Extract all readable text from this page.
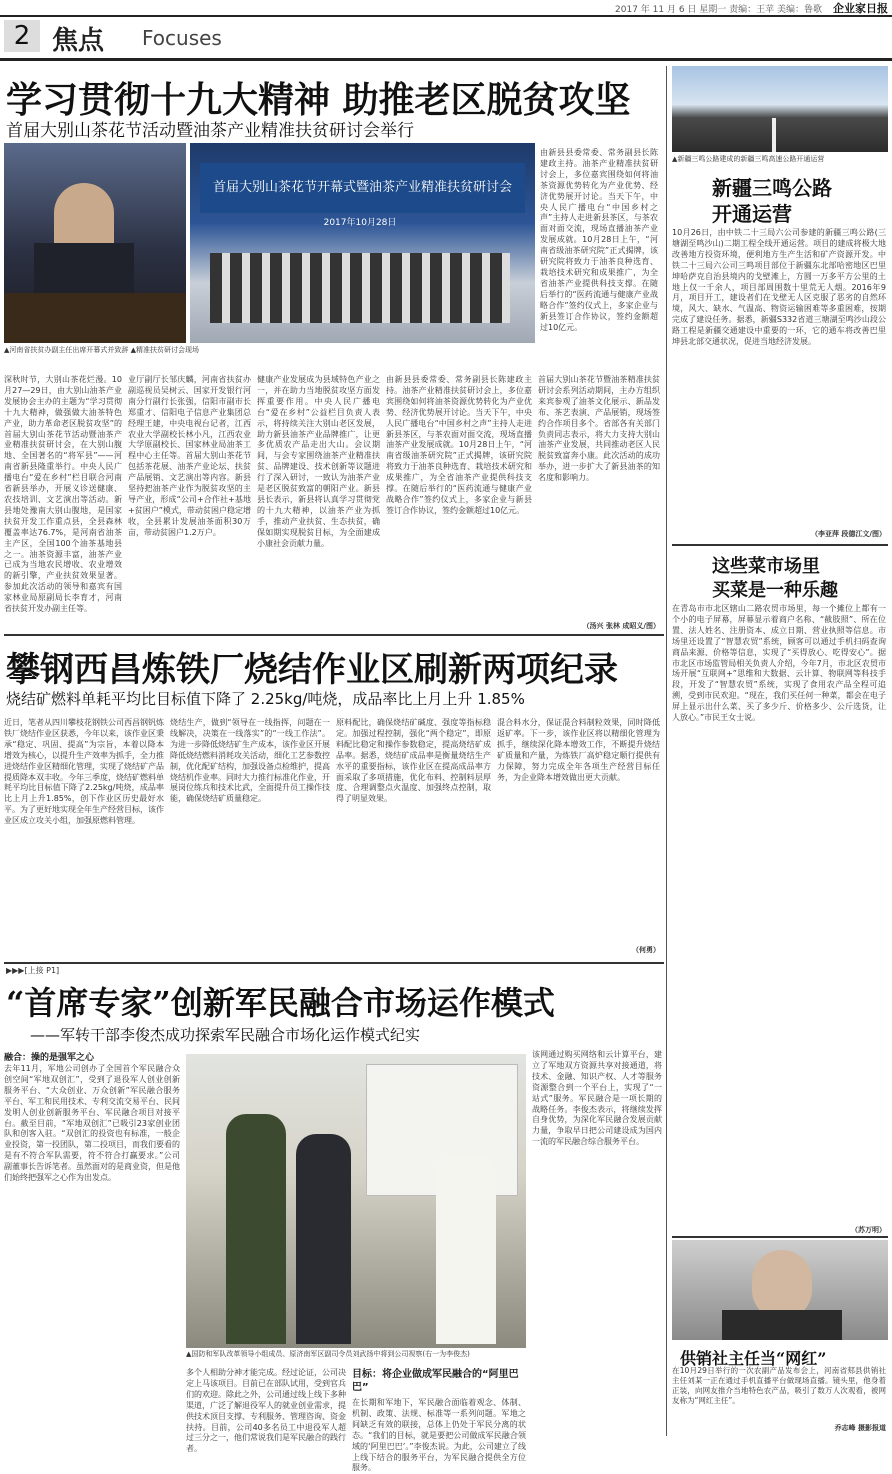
2017 年 11 月 6 日 星期一 责编：王苹 美编：鲁歌 企业家日报
2 焦点 Focuses
学习贯彻十九大精神 助推老区脱贫攻坚
首届大别山茶花节活动暨油茶产业精准扶贫研讨会举行
首届大别山茶花节开幕式暨油茶产业精准扶贫研讨会
2017年10月28日
▲河南省扶贫办副主任出席开幕式并致辞 ▲精准扶贫研讨会现场
深秋时节，大别山茶花烂漫。10月27—29日，由大别山油茶产业发展协会主办的主题为“学习贯彻十九大精神，做强做大油茶特色产业，助力革命老区脱贫攻坚”的首届大别山茶花节活动暨油茶产业精准扶贫研讨会，在大别山腹地、全国著名的“将军县”——河南省新县隆重举行。中央人民广播电台“爱在乡村”栏目联合河南省新县举办，开展义诊送健康、农技培训、文艺演出等活动。新县地处豫南大别山腹地，是国家扶贫开发工作重点县，全县森林覆盖率达76.7%，是河南省油茶主产区，全国100个油茶基地县之一。油茶资源丰富，油茶产业已成为当地农民增收、农业增效的新引擎，产业扶贫效果显著。参加此次活动的领导和嘉宾有国家林业局原副局长李育才，河南省扶贫开发办副主任等。
业厅副厅长邹庆麟，河南省扶贫办副巡视员吴树云、国家开发银行河南分行副行长张强，信阳市副市长郑重才、信阳电子信息产业集团总经理王建，中央电视台记者，江西农业大学副校长林小凡，江西农业大学原副校长、国家林业局油茶工程中心主任等。首届大别山茶花节包括茶花展、油茶产业论坛、扶贫产品展销、文艺演出等内容。新县坚持把油茶产业作为脱贫攻坚的主导产业，形成“公司+合作社+基地+贫困户”模式，带动贫困户稳定增收，全县累计发展油茶面积30万亩，带动贫困户1.2万户。
健康产业发展成为县域特色产业之一，并在助力当地脱贫攻坚方面发挥重要作用。中央人民广播电台“爱在乡村”公益栏目负责人表示，将持续关注大别山老区发展，助力新县油茶产业品牌推广，让更多优质农产品走出大山。会议期间，与会专家围绕油茶产业精准扶贫、品牌建设、技术创新等议题进行了深入研讨，一致认为油茶产业是老区脱贫致富的朝阳产业。新县县长表示，新县将认真学习贯彻党的十九大精神，以油茶产业为抓手，推动产业扶贫、生态扶贫，确保如期实现脱贫目标，为全面建成小康社会贡献力量。
由新县县委常委、常务副县长陈建政主持。油茶产业精准扶贫研讨会上，多位嘉宾围绕如何将油茶资源优势转化为产业优势、经济优势展开讨论。当天下午，中央人民广播电台“中国乡村之声”主持人走进新县茶区，与茶农面对面交流，现场直播油茶产业发展成就。10月28日上午，“河南省级油茶研究院”正式揭牌，该研究院将致力于油茶良种选育、栽培技术研究和成果推广，为全省油茶产业提供科技支撑。在随后举行的“医药流通与健康产业战略合作”签约仪式上，多家企业与新县签订合作协议，签约金额超过10亿元。
由新县县委常委、常务副县长陈建政主持。油茶产业精准扶贫研讨会上，多位嘉宾围绕如何将油茶资源优势转化为产业优势、经济优势展开讨论。当天下午，中央人民广播电台“中国乡村之声”主持人走进新县茶区，与茶农面对面交流，现场直播油茶产业发展成就。10月28日上午，“河南省级油茶研究院”正式揭牌，该研究院将致力于油茶良种选育、栽培技术研究和成果推广，为全省油茶产业提供科技支撑。在随后举行的“医药流通与健康产业战略合作”签约仪式上，多家企业与新县签订合作协议，签约金额超过10亿元。
首届大别山茶花节暨油茶精准扶贫研讨会系列活动期间，主办方组织来宾参观了油茶文化展示、新品发布、茶艺表演、产品展销，现场签约合作项目多个。省部各有关部门负责同志表示，将大力支持大别山油茶产业发展，共同推动老区人民脱贫致富奔小康。此次活动的成功举办，进一步扩大了新县油茶的知名度和影响力。
（汤兴 张林 成昭义/图）
攀钢西昌炼铁厂烧结作业区刷新两项纪录
烧结矿燃料单耗平均比目标值下降了 2.25kg/吨烧，成品率比上月上升 1.85%
近日，笔者从四川攀枝花钢铁公司西昌钢钒炼铁厂烧结作业区获悉，今年以来，该作业区秉承“稳定、巩固、提高”为宗旨，本着以降本增效为核心，以提升生产效率为抓手，全力推进烧结作业区精细化管理，实现了烧结矿产品提质降本双丰收。今年三季度，烧结矿燃料单耗平均比目标值下降了2.25kg/吨烧，成品率比上月上升1.85%，创下作业区历史最好水平。为了更好地实现全年生产经营目标，该作业区成立攻关小组，加强原燃料管理。
烧结生产，做到“领导在一线指挥，问题在一线解决，决策在一线落实”的“一线工作法”。为进一步降低烧结矿生产成本，该作业区开展降低烧结燃料消耗攻关活动，细化工艺参数控制，优化配矿结构，加强设备点检维护，提高烧结机作业率。同时大力推行标准化作业，开展岗位练兵和技术比武，全面提升员工操作技能，确保烧结矿质量稳定。
原料配比，确保烧结矿碱度、强度等指标稳定。加强过程控制，强化“两个稳定”，即原料配比稳定和操作参数稳定，提高烧结矿成品率。据悉，烧结矿成品率是衡量烧结生产水平的重要指标，该作业区在提高成品率方面采取了多项措施，优化布料、控制料层厚度、合理调整点火温度、加强终点控制，取得了明显效果。
混合料水分，保证混合料制粒效果，同时降低返矿率。下一步，该作业区将以精细化管理为抓手，继续深化降本增效工作，不断提升烧结矿质量和产量，为炼铁厂高炉稳定顺行提供有力保障，努力完成全年各项生产经营目标任务，为企业降本增效做出更大贡献。
（何勇）
▶▶▶[上接 P1]
“首席专家”创新军民融合市场运作模式
——军转干部李俊杰成功探索军民融合市场化运作模式纪实
融合：操的是强军之心
去年11月，军地公司创办了全国首个军民融合众创空间“军地双创汇”，受到了退役军人创业创新服务平台、“大众创业、万众创新”军民融合服务平台、军工和民用技术、专利交流交易平台、民间发明人创业创新服务平台、军民融合项目对接平台。截至目前，“军地双创汇”已吸引23家创业团队和创客入驻。“双创汇的投资也有标准，一般企业投资，第一投团队，第二投项目，而我们要看的是有不符合军队需要，符不符合打赢要求。”公司副董事长告诉笔者。虽然面对的是商业资，但是他们始终把强军之心作为出发点。
▲国防和军队改革领导小组成员、原济南军区副司令员刘武扬中将到公司视察(右一为李俊杰)
多个人相助分神才能完成。经过论证，公司决定上马该项目。目前已在部队试用，受到官兵们的欢迎。除此之外，公司通过线上线下多种渠道，广泛了解退役军人的就业创业需求，提供技术顶目支撑、专利服务、管理咨询、资金扶持。目前，公司40多名员工中退役军人超过三分之一，他们常说我们是军民融合的践行者。
目标：将企业做成军民融合的“阿里巴巴”
在长期和军地下，军民融合面临着观念、体制、机制、政策、法规、标准等一系列问题。军地之间缺乏有效的联接，总体上仍处于军民分离的状态。“我们的目标，就是要把公司做成军民融合领域的‘阿里巴巴’。”李俊杰说。为此，公司建立了线上线下结合的服务平台，为军民融合提供全方位服务。
该网通过购买网络和云计算平台，建立了军地双方资源共享对接通道，将技术、金融、知识产权、人才等服务资源整合到一个平台上，实现了“一站式”服务。军民融合是一项长期的战略任务。李俊杰表示，将继续发挥自身优势，为深化军民融合发展贡献力量，争取早日把公司建设成为国内一流的军民融合综合服务平台。
▲新疆三鸣公路建成的新疆三鸣高速公路开通运营
新疆三鸣公路
开通运营
10月26日，由中铁二十三局六公司参建的新疆三鸣公路(三塘湖至鸣沙山)二期工程全线开通运营。项目的建成将极大地改善地方投资环境，便利地方生产生活和矿产资源开发。中铁二十三局六公司三鸣项目部位于新疆东北部哈密地区巴里坤哈萨克自治县境内的戈壁滩上，方圆一万多平方公里的土地上仅一千余人，项目部周围数十里荒无人烟。2016年9月，项目开工，建设者们在戈壁无人区克服了恶劣的自然环境，风大、缺水、气温高、物资运输困难等多重困难，按期完成了建设任务。据悉，新疆S332省道三塘湖至鸣沙山段公路工程是新疆交通建设中重要的一环，它的通车将改善巴里坤县北部交通状况，促进当地经济发展。
（李亚萍 段德江文/图）
这些菜市场里
买菜是一种乐趣
在青岛市市北区辖山二路农贸市场里，每一个摊位上都有一个小的电子屏幕，屏幕显示着商户名称、“截肢照”、所在位置、法人姓名、注册资本、成立日期、营业执照等信息。市场里还设置了“智慧农贸”系统，顾客可以通过手机扫码查询商品来源、价格等信息，实现了“买得放心、吃得安心”。据市北区市场监管局相关负责人介绍，今年7月，市北区农贸市场开展“互联网+”思维和大数据、云计算、物联网等科技手段，开发了“智慧农贸”系统，实现了食用农产品全程可追溯，受到市民欢迎。“现在，我们买任何一种菜，都会在电子屏上显示出什么菜、买了多少斤、价格多少、公斤选货，让人放心。”市民王女士说。
（苏万明）
供销社主任当“网红”
在10月29日举行的一次农副产品发布会上，河南省郏县供销社主任刘某一正在通过手机直播平台做现场直播。镜头里，他身着正装，向网友推介当地特色农产品，吸引了数万人次观看，被网友称为“网红主任”。
乔志峰 摄影报道
